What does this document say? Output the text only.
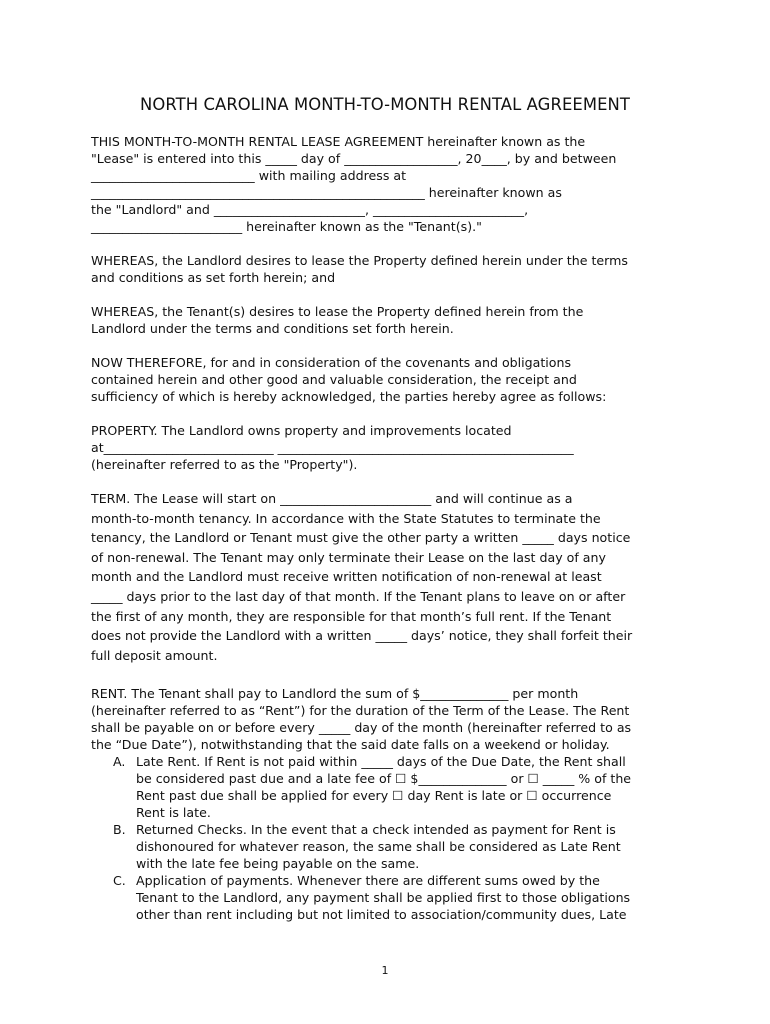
NORTH CAROLINA MONTH-TO-MONTH RENTAL AGREEMENT
THIS MONTH-TO-MONTH RENTAL LEASE AGREEMENT hereinafter known as the
"Lease" is entered into this _____ day of __________________, 20____, by and between
__________________________ with mailing address at
_____________________________________________________ hereinafter known as
the "Landlord" and ________________________, ________________________,
________________________ hereinafter known as the "Tenant(s)."
WHEREAS, the Landlord desires to lease the Property defined herein under the terms
and conditions as set forth herein; and
WHEREAS, the Tenant(s) desires to lease the Property defined herein from the
Landlord under the terms and conditions set forth herein.
NOW THEREFORE, for and in consideration of the covenants and obligations
contained herein and other good and valuable consideration, the receipt and
sufficiency of which is hereby acknowledged, the parties hereby agree as follows:
PROPERTY. The Landlord owns property and improvements located
at___________________________ _______________________________________________
(hereinafter referred to as the "Property").
TERM. The Lease will start on ________________________ and will continue as a
month-to-month tenancy. In accordance with the State Statutes to terminate the
tenancy, the Landlord or Tenant must give the other party a written _____ days notice
of non-renewal. The Tenant may only terminate their Lease on the last day of any
month and the Landlord must receive written notification of non-renewal at least
_____ days prior to the last day of that month. If the Tenant plans to leave on or after
the first of any month, they are responsible for that month’s full rent. If the Tenant
does not provide the Landlord with a written _____ days’ notice, they shall forfeit their
full deposit amount.
RENT. The Tenant shall pay to Landlord the sum of $______________ per month
(hereinafter referred to as “Rent”) for the duration of the Term of the Lease. The Rent
shall be payable on or before every _____ day of the month (hereinafter referred to as
the “Due Date”), notwithstanding that the said date falls on a weekend or holiday.
A. Late Rent. If Rent is not paid within _____ days of the Due Date, the Rent shall
be considered past due and a late fee of ☐ $______________ or ☐ _____ % of the
Rent past due shall be applied for every ☐ day Rent is late or ☐ occurrence
Rent is late.
B. Returned Checks. In the event that a check intended as payment for Rent is
dishonoured for whatever reason, the same shall be considered as Late Rent
with the late fee being payable on the same.
C. Application of payments. Whenever there are different sums owed by the
Tenant to the Landlord, any payment shall be applied first to those obligations
other than rent including but not limited to association/community dues, Late
1
